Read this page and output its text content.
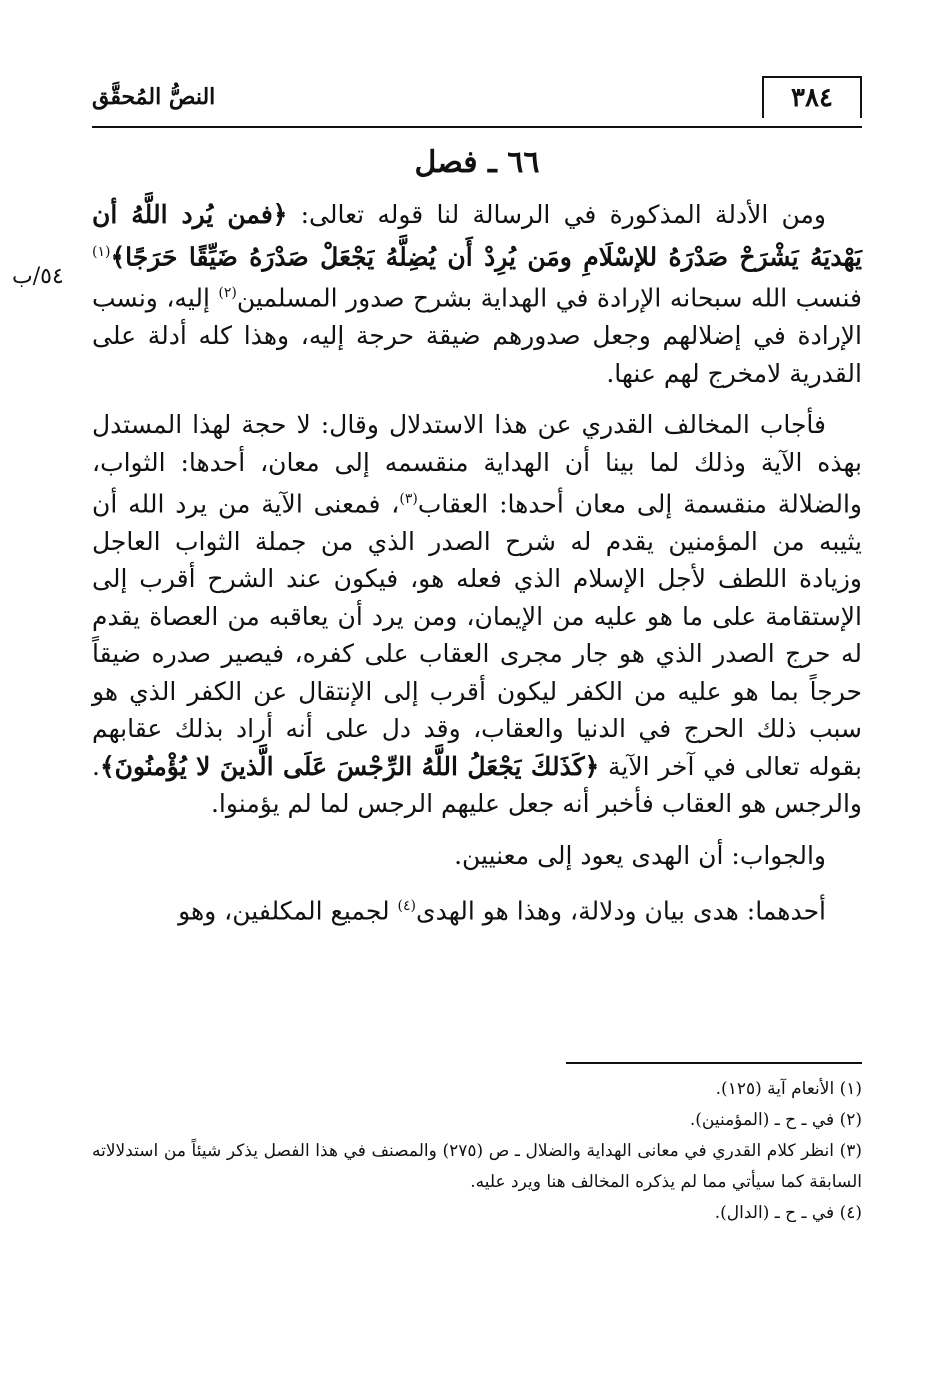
٣٨٤
النصُّ المُحقَّق
٥٤/ب
٦٦ ـ فصل

ومن الأدلة المذكورة في الرسالة لنا قوله تعالى: ﴿فمن يُرد اللَّهُ أن يَهْديَهُ يَشْرَحْ صَدْرَهُ للإسْلَامِ ومَن يُرِدْ أَن يُضِلَّهُ يَجْعَلْ صَدْرَهُ ضَيِّقًا حَرَجًا﴾$^{(١)}$ فنسب الله سبحانه الإرادة في الهداية بشرح صدور المسلمين$^{(٢)}$ إليه، ونسب الإرادة في إضلالهم وجعل صدورهم ضيقة حرجة إليه، وهذا كله أدلة على القدرية لامخرج لهم عنها.

فأجاب المخالف القدري عن هذا الاستدلال وقال: لا حجة لهذا المستدل بهذه الآية وذلك لما بينا أن الهداية منقسمه إلى معان، أحدها: الثواب، والضلالة منقسمة إلى معان أحدها: العقاب$^{(٣)}$، فمعنى الآية من يرد الله أن يثيبه من المؤمنين يقدم له شرح الصدر الذي من جملة الثواب العاجل وزيادة اللطف لأجل الإسلام الذي فعله هو، فيكون عند الشرح أقرب إلى الإستقامة على ما هو عليه من الإيمان، ومن يرد أن يعاقبه من العصاة يقدم له حرج الصدر الذي هو جار مجرى العقاب على كفره، فيصير صدره ضيقاً حرجاً بما هو عليه من الكفر ليكون أقرب إلى الإنتقال عن الكفر الذي هو سبب ذلك الحرج في الدنيا والعقاب، وقد دل على أنه أراد بذلك عقابهم بقوله تعالى في آخر الآية ﴿كَذَلكَ يَجْعَلُ اللَّهُ الرِّجْسَ عَلَى الَّذينَ لا يُؤْمنُونَ﴾. والرجس هو العقاب فأخبر أنه جعل عليهم الرجس لما لم يؤمنوا.

والجواب: أن الهدى يعود إلى معنيين.

أحدهما: هدى بيان ودلالة، وهذا هو الهدى$^{(٤)}$ لجميع المكلفين، وهو

(١) الأنعام آية (١٢٥).

(٢) في ـ ح ـ (المؤمنين).

(٣) انظر كلام القدري في معانى الهداية والضلال ـ ص (٢٧٥) والمصنف في هذا الفصل يذكر شيئاً من استدلالاته السابقة كما سيأتي مما لم يذكره المخالف هنا ويرد عليه.

(٤) في ـ ح ـ (الدال).
